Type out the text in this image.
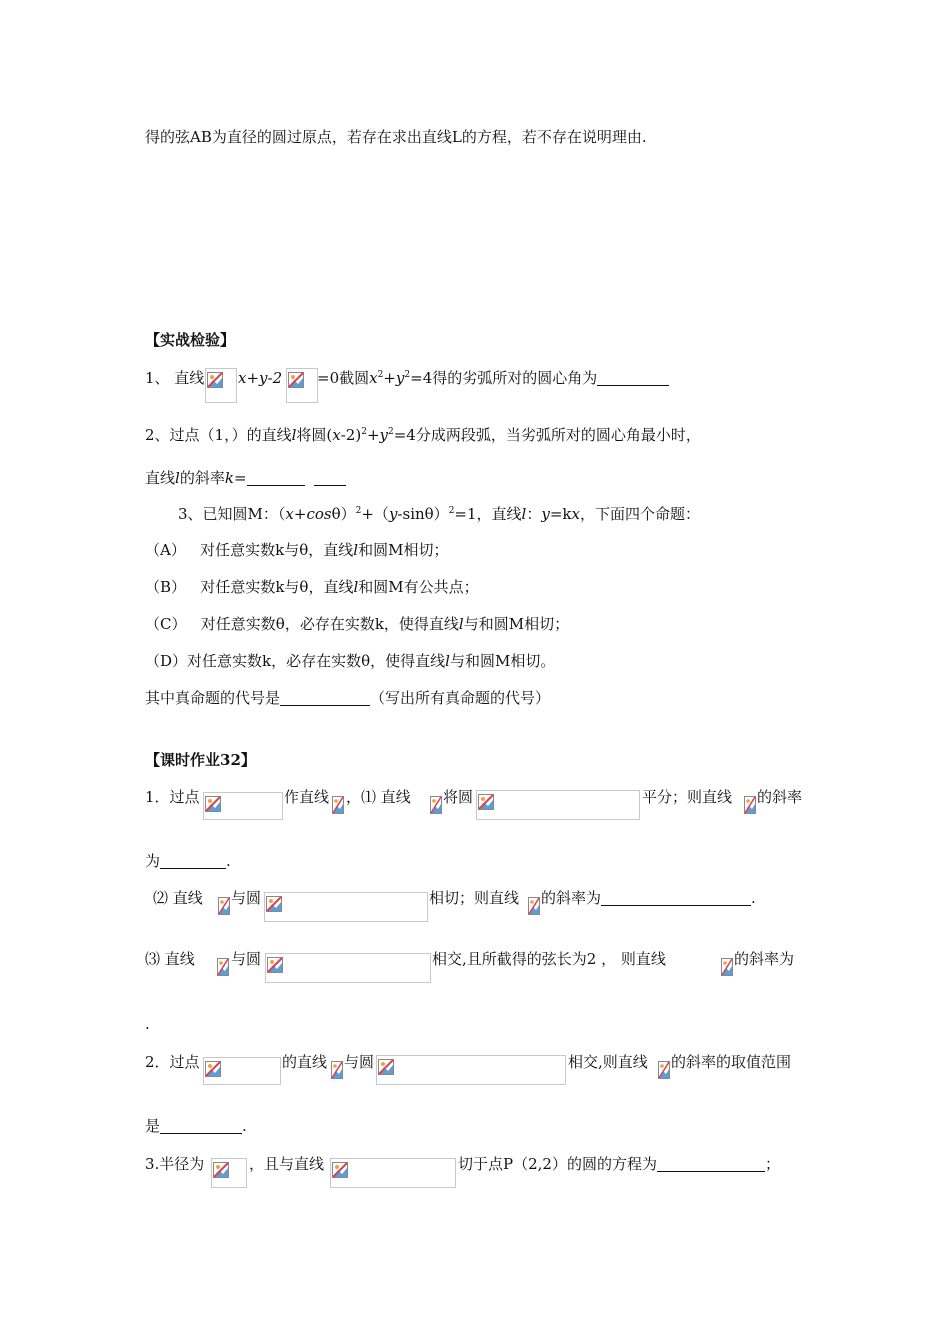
得的弦AB为直径的圆过原点，若存在求出直线L的方程，若不存在说明理由.
【实战检验】
1、 直线 x+y-2 =0截圆$x^2+y^2=4$得的劣弧所对的圆心角为
2、过点（1，）的直线l将圆$(x-2)^2+y^2=4$分成两段弧，当劣弧所对的圆心角最小时，
直线l的斜率k=
3、已知圆M：$(x+\cos\theta)^2+(y-\sin\theta)^2=1$，直线l：y=kx，下面四个命题：
（A） 对任意实数k与θ，直线l和圆M相切；
（B） 对任意实数k与θ，直线l和圆M有公共点；
（C） 对任意实数θ，必存在实数k，使得直线l与和圆M相切；
（D）对任意实数k，必存在实数θ，使得直线l与和圆M相切。
其中真命题的代号是	（写出所有真命题的代号）
【课时作业32】
1．过点	作直线 ，⑴ 直线 将圆	平分；则直线 的斜率
为	.
⑵ 直线 与圆	相切；则直线 的斜率为	.
⑶ 直线 与圆	相交,且所截得的弦长为2 ， 则直线	的斜率为
.
2．过点	的直线 与圆	相交,则直线 的斜率的取值范围
是	.
3.半径为	，且与直线	切于点P（2,2）的圆的方程为	；
